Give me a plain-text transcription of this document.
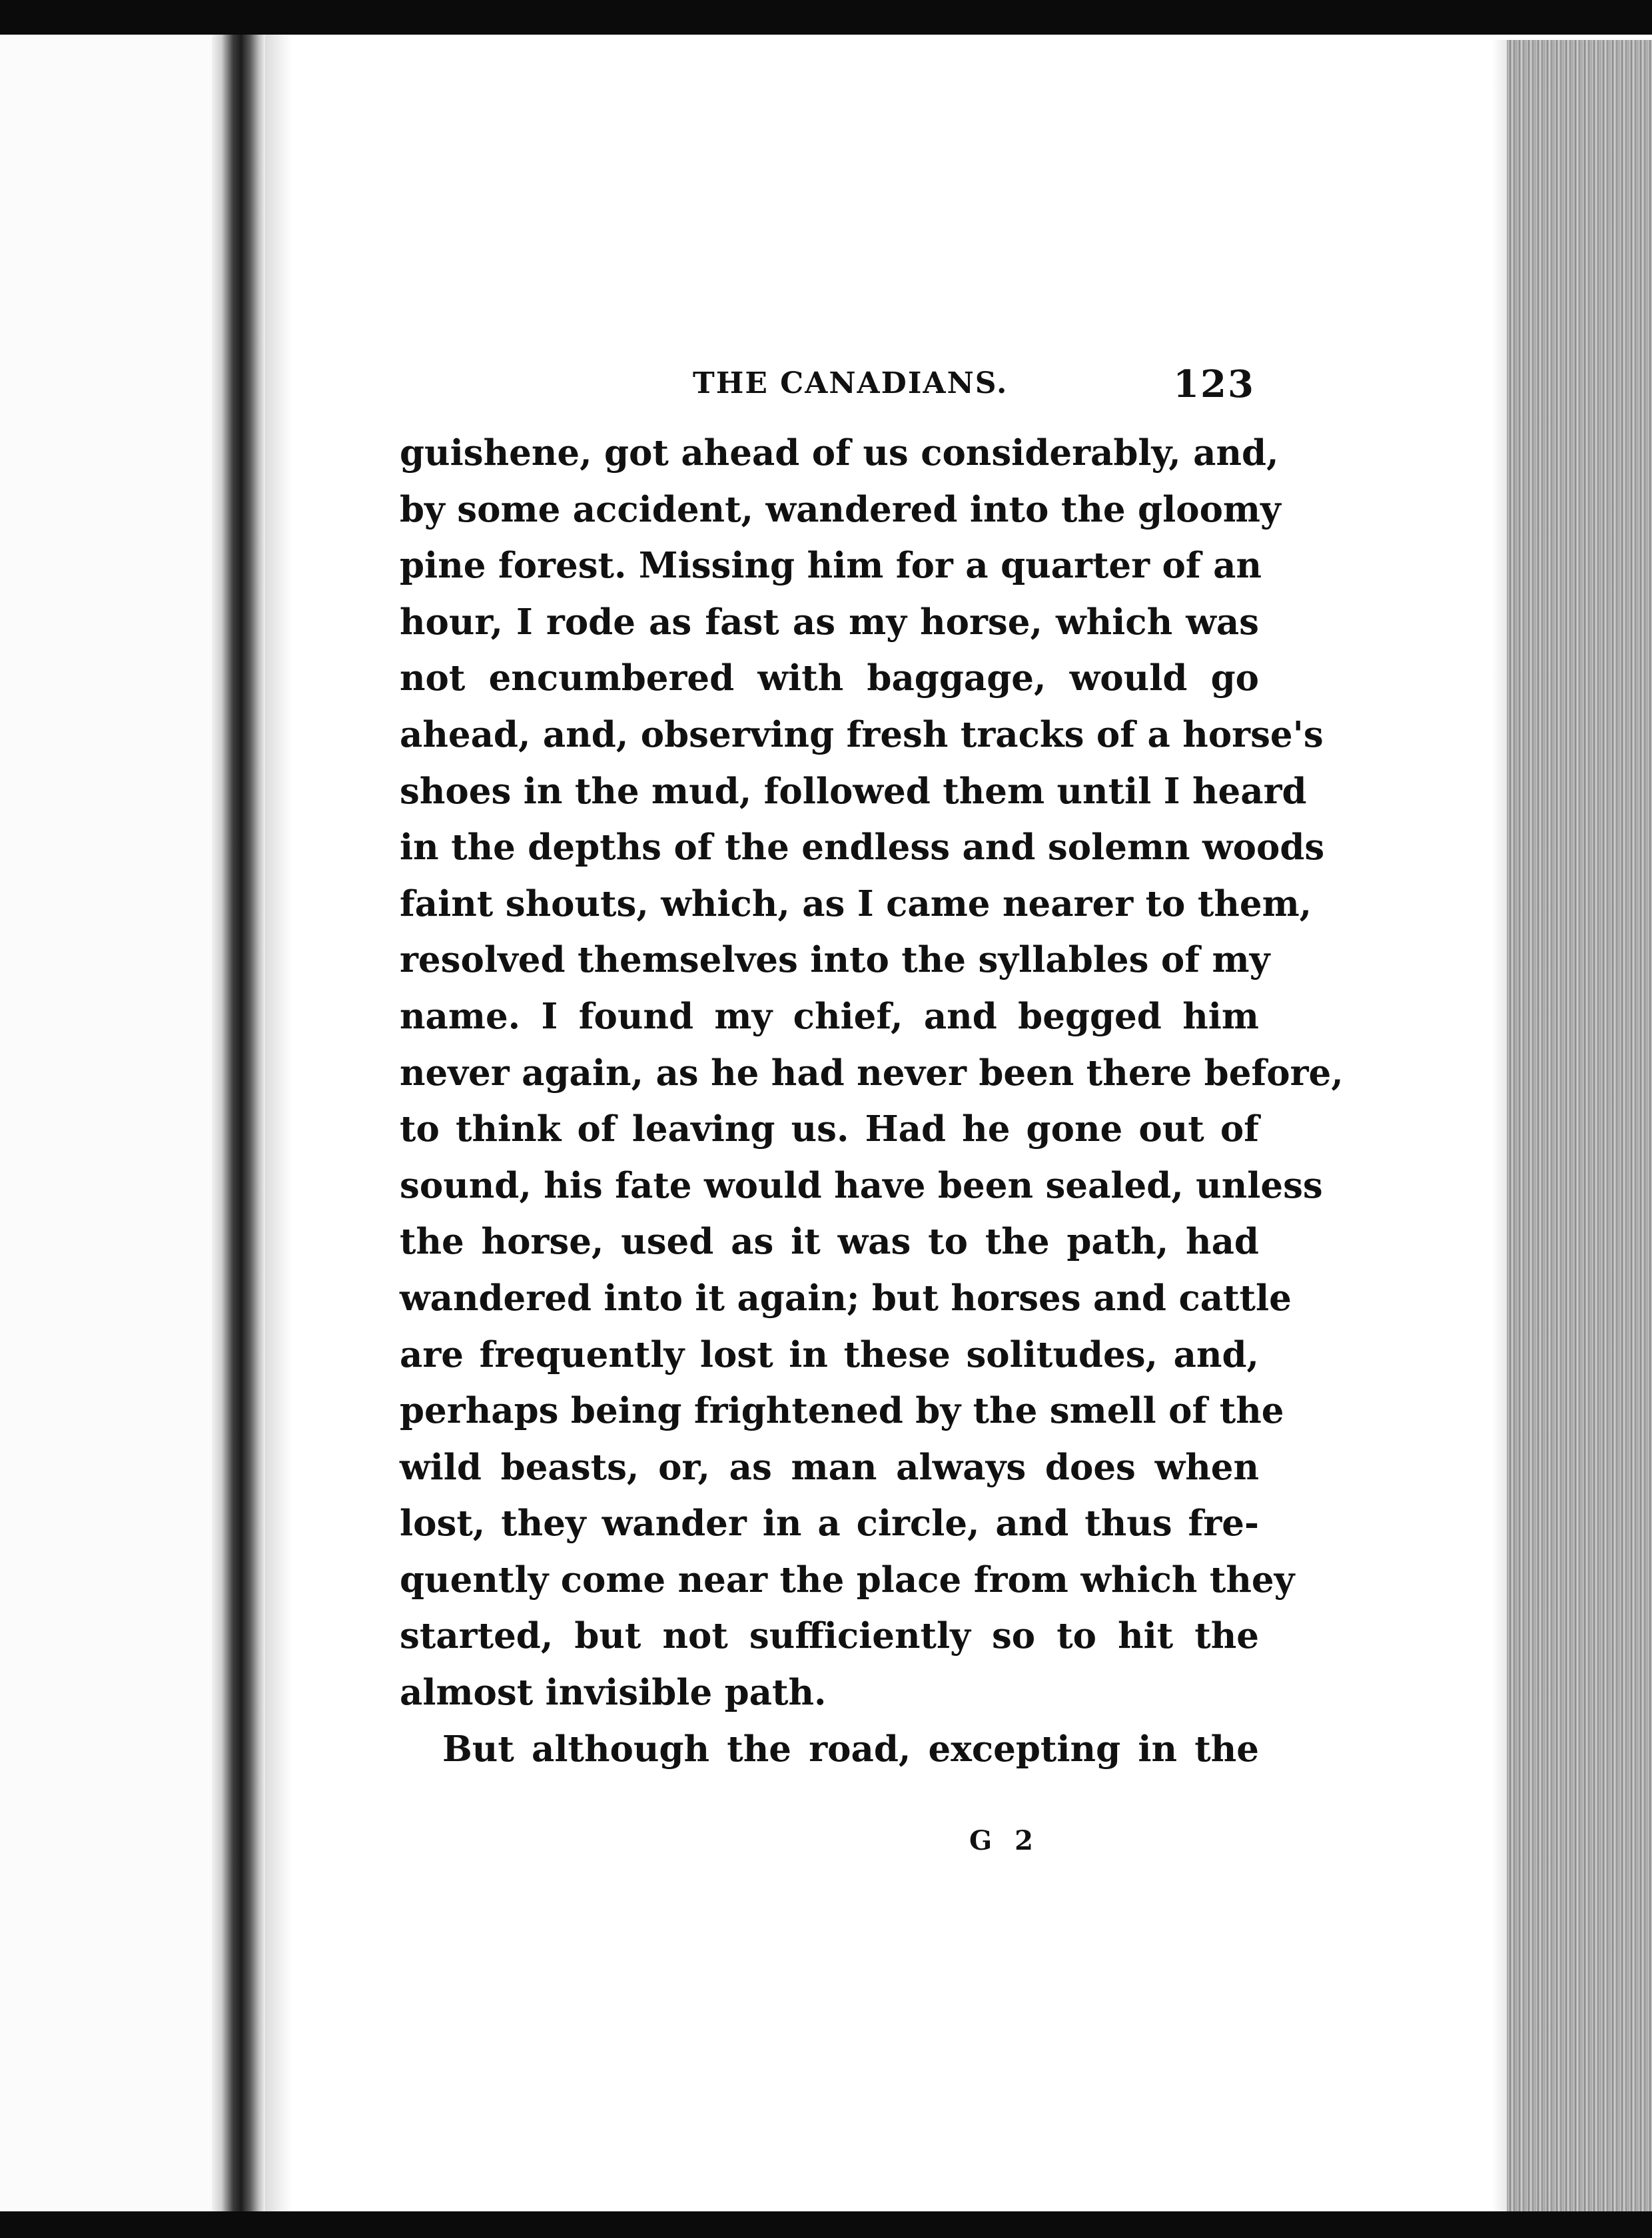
THE CANADIANS.	123
guishene, got ahead of us considerably, and,
by some accident, wandered into the gloomy
pine forest. Missing him for a quarter of an
hour, I rode as fast as my horse, which was
not encumbered with baggage, would go
ahead, and, observing fresh tracks of a horse's
shoes in the mud, followed them until I heard
in the depths of the endless and solemn woods
faint shouts, which, as I came nearer to them,
resolved themselves into the syllables of my
name. I found my chief, and begged him
never again, as he had never been there before,
to think of leaving us. Had he gone out of
sound, his fate would have been sealed, unless
the horse, used as it was to the path, had
wandered into it again; but horses and cattle
are frequently lost in these solitudes, and,
perhaps being frightened by the smell of the
wild beasts, or, as man always does when
lost, they wander in a circle, and thus fre-
quently come near the place from which they
started, but not sufficiently so to hit the
almost invisible path.
But although the road, excepting in the
G 2
